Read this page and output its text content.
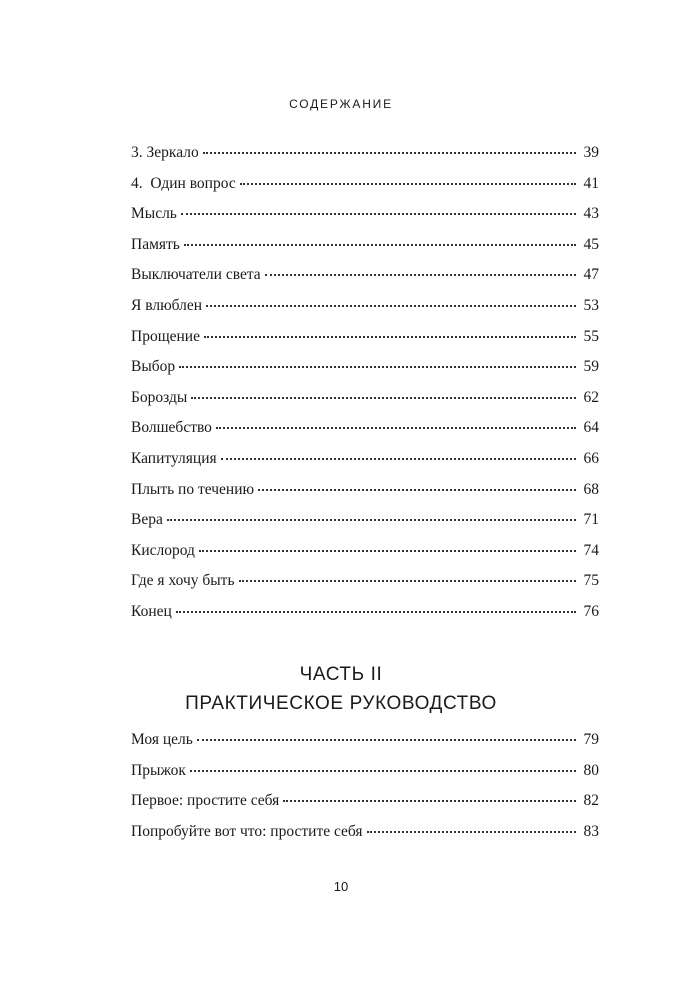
СОДЕРЖАНИЕ
3. Зеркало	39
4.  Один вопрос	41
Мысль	43
Память	45
Выключатели света	47
Я влюблен	53
Прощение	55
Выбор	59
Борозды	62
Волшебство	64
Капитуляция	66
Плыть по течению	68
Вера	71
Кислород	74
Где я хочу быть	75
Конец	76
ЧАСТЬ II
ПРАКТИЧЕСКОЕ РУКОВОДСТВО
Моя цель	79
Прыжок	80
Первое: простите себя	82
Попробуйте вот что: простите себя	83
10
